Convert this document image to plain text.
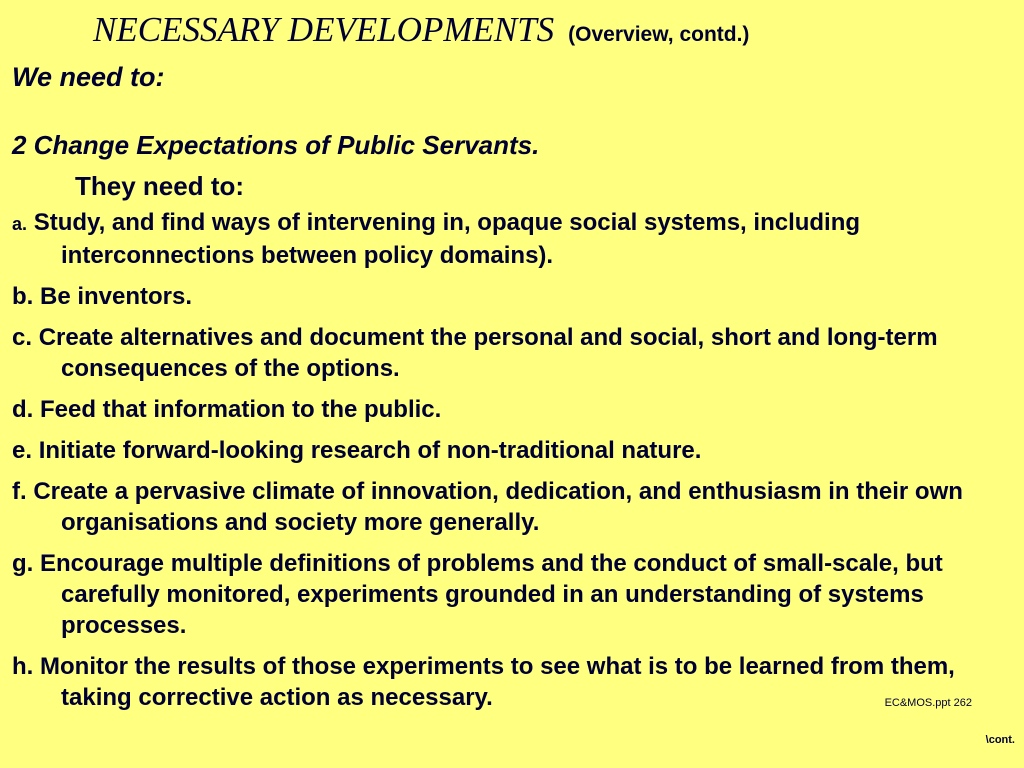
NECESSARY DEVELOPMENTS (Overview, contd.)
We need to:
2 Change Expectations of Public Servants.
They need to:
a. Study, and find ways of intervening in, opaque social systems, including interconnections between policy domains).
b. Be inventors.
c. Create alternatives and document the personal and social, short and long-term consequences of the options.
d. Feed that information to the public.
e. Initiate forward-looking research of non-traditional nature.
f. Create a pervasive climate of innovation, dedication, and enthusiasm in their own organisations and society more generally.
g. Encourage multiple definitions of problems and the conduct of small-scale, but carefully monitored, experiments grounded in an understanding of systems processes.
h. Monitor the results of those experiments to see what is to be learned from them, taking corrective action as necessary.	EC&MOS.ppt 262
\cont.
